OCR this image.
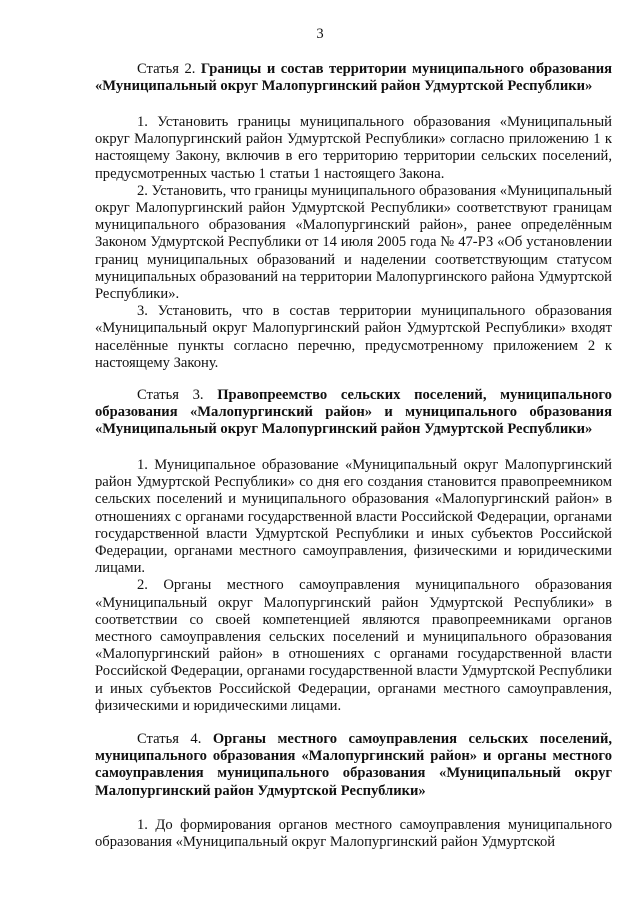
3

Статья 2. Границы и состав территории муниципального образования «Муниципальный округ Малопургинский район Удмуртской Республики»

1. Установить границы муниципального образования «Муниципальный округ Малопургинский район Удмуртской Республики» согласно приложению 1 к настоящему Закону, включив в его территорию территории сельских поселений, предусмотренных частью 1 статьи 1 настоящего Закона.

2. Установить, что границы муниципального образования «Муниципальный округ Малопургинский район Удмуртской Республики» соответствуют границам муниципального образования «Малопургинский район», ранее определённым Законом Удмуртской Республики от 14 июля 2005 года № 47-РЗ «Об установлении границ муниципальных образований и наделении соответствующим статусом муниципальных образований на территории Малопургинского района Удмуртской Республики».

3. Установить, что в состав территории муниципального образования «Муниципальный округ Малопургинский район Удмуртской Республики» входят населённые пункты согласно перечню, предусмотренному приложением 2 к настоящему Закону.

Статья 3. Правопреемство сельских поселений, муниципального образования «Малопургинский район» и муниципального образования «Муниципальный округ Малопургинский район Удмуртской Республики»

1. Муниципальное образование «Муниципальный округ Малопургинский район Удмуртской Республики» со дня его создания становится правопреемником сельских поселений и муниципального образования «Малопургинский район» в отношениях с органами государственной власти Российской Федерации, органами государственной власти Удмуртской Республики и иных субъектов Российской Федерации, органами местного самоуправления, физическими и юридическими лицами.

2. Органы местного самоуправления муниципального образования «Муниципальный округ Малопургинский район Удмуртской Республики» в соответствии со своей компетенцией являются правопреемниками органов местного самоуправления сельских поселений и муниципального образования «Малопургинский район» в отношениях с органами государственной власти Российской Федерации, органами государственной власти Удмуртской Республики и иных субъектов Российской Федерации, органами местного самоуправления, физическими и юридическими лицами.

Статья 4. Органы местного самоуправления сельских поселений, муниципального образования «Малопургинский район» и органы местного самоуправления муниципального образования «Муниципальный округ Малопургинский район Удмуртской Республики»

1. До формирования органов местного самоуправления муниципального образования «Муниципальный округ Малопургинский район Удмуртской
